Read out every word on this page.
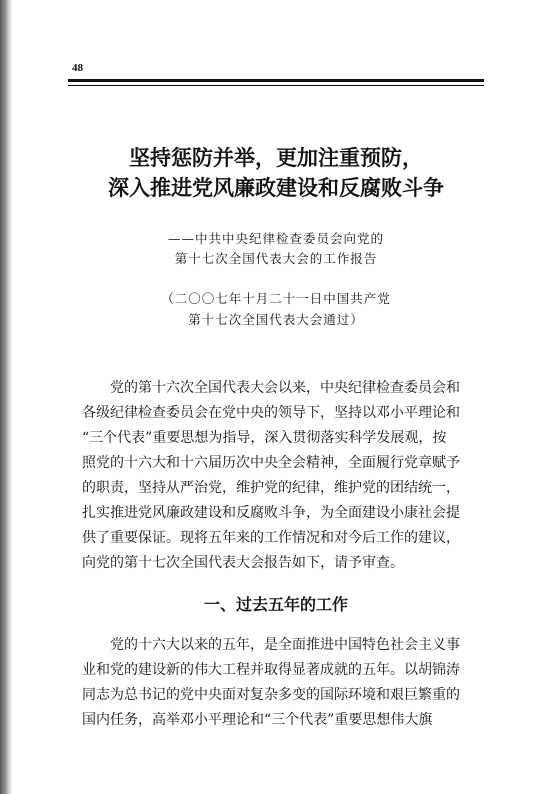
48
坚持惩防并举，更加注重预防，
深入推进党风廉政建设和反腐败斗争
——中共中央纪律检查委员会向党的
第十七次全国代表大会的工作报告
（二〇〇七年十月二十一日中国共产党
第十七次全国代表大会通过）
党的第十六次全国代表大会以来，中央纪律检查委员会和
各级纪律检查委员会在党中央的领导下，坚持以邓小平理论和
“三个代表”重要思想为指导，深入贯彻落实科学发展观，按
照党的十六大和十六届历次中央全会精神，全面履行党章赋予
的职责，坚持从严治党，维护党的纪律，维护党的团结统一，
扎实推进党风廉政建设和反腐败斗争，为全面建设小康社会提
供了重要保证。现将五年来的工作情况和对今后工作的建议，
向党的第十七次全国代表大会报告如下，请予审查。
一、过去五年的工作
党的十六大以来的五年，是全面推进中国特色社会主义事
业和党的建设新的伟大工程并取得显著成就的五年。以胡锦涛
同志为总书记的党中央面对复杂多变的国际环境和艰巨繁重的
国内任务，高举邓小平理论和“三个代表”重要思想伟大旗
